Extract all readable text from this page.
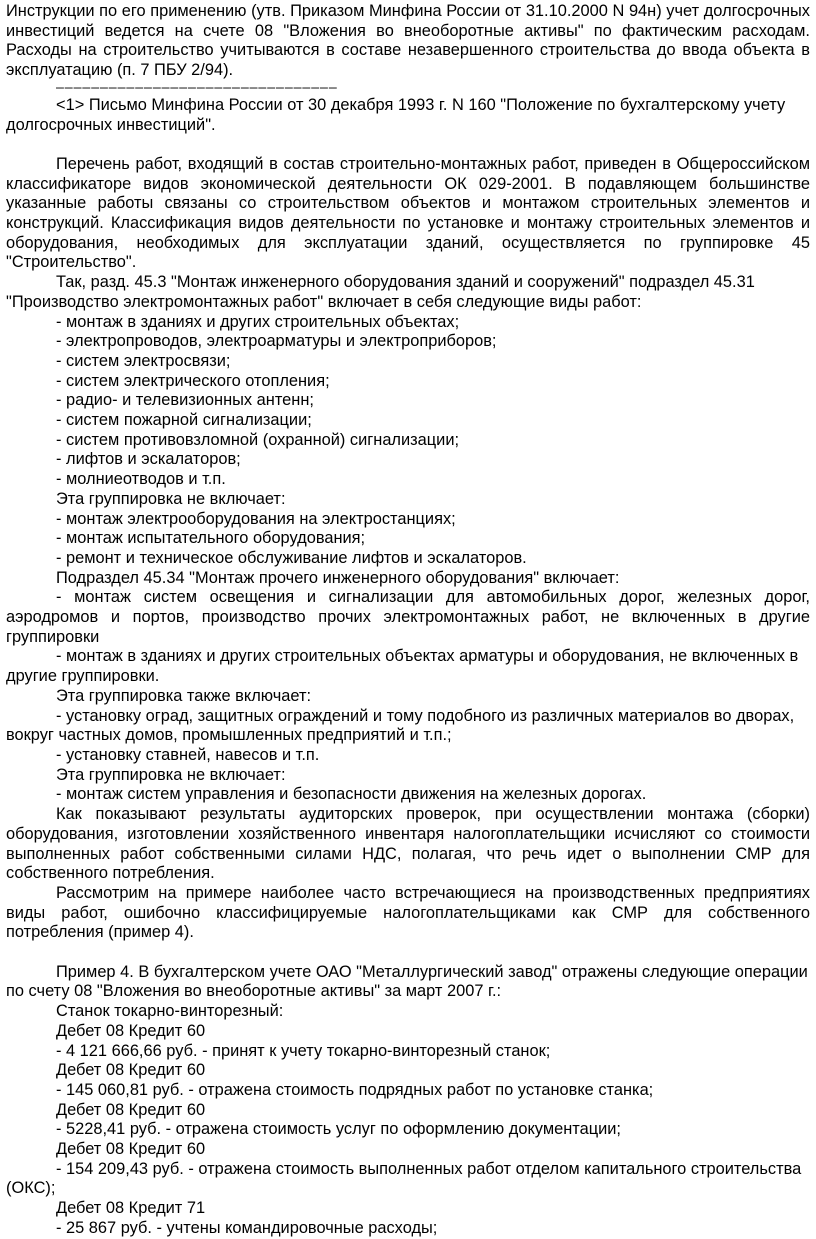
Инструкции по его применению (утв. Приказом Минфина России от 31.10.2000 N 94н) учет долгосрочных инвестиций ведется на счете 08 "Вложения во внеоборотные активы" по фактическим расходам. Расходы на строительство учитываются в составе незавершенного строительства до ввода объекта в эксплуатацию (п. 7 ПБУ 2/94).

────────────────────────────────

<1> Письмо Минфина России от 30 декабря 1993 г. N 160 "Положение по бухгалтерскому учету долгосрочных инвестиций".

Перечень работ, входящий в состав строительно-монтажных работ, приведен в Общероссийском классификаторе видов экономической деятельности ОК 029-2001. В подавляющем большинстве указанные работы связаны со строительством объектов и монтажом строительных элементов и конструкций. Классификация видов деятельности по установке и монтажу строительных элементов и оборудования, необходимых для эксплуатации зданий, осуществляется по группировке 45 "Строительство".

Так, разд. 45.3 "Монтаж инженерного оборудования зданий и сооружений" подраздел 45.31 "Производство электромонтажных работ" включает в себя следующие виды работ:

- монтаж в зданиях и других строительных объектах;

- электропроводов, электроарматуры и электроприборов;

- систем электросвязи;

- систем электрического отопления;

- радио- и телевизионных антенн;

- систем пожарной сигнализации;

- систем противовзломной (охранной) сигнализации;

- лифтов и эскалаторов;

- молниеотводов и т.п.

Эта группировка не включает:

- монтаж электрооборудования на электростанциях;

- монтаж испытательного оборудования;

- ремонт и техническое обслуживание лифтов и эскалаторов.

Подраздел 45.34 "Монтаж прочего инженерного оборудования" включает:

- монтаж систем освещения и сигнализации для автомобильных дорог, железных дорог, аэродромов и портов, производство прочих электромонтажных работ, не включенных в другие группировки

- монтаж в зданиях и других строительных объектах арматуры и оборудования, не включенных в другие группировки.

Эта группировка также включает:

- установку оград, защитных ограждений и тому подобного из различных материалов во дворах, вокруг частных домов, промышленных предприятий и т.п.;

- установку ставней, навесов и т.п.

Эта группировка не включает:

- монтаж систем управления и безопасности движения на железных дорогах.

Как показывают результаты аудиторских проверок, при осуществлении монтажа (сборки) оборудования, изготовлении хозяйственного инвентаря налогоплательщики исчисляют со стоимости выполненных работ собственными силами НДС, полагая, что речь идет о выполнении СМР для собственного потребления.

Рассмотрим на примере наиболее часто встречающиеся на производственных предприятиях виды работ, ошибочно классифицируемые налогоплательщиками как СМР для собственного потребления (пример 4).

Пример 4. В бухгалтерском учете ОАО "Металлургический завод" отражены следующие операции по счету 08 "Вложения во внеоборотные активы" за март 2007 г.:

Станок токарно-винторезный:

Дебет 08 Кредит 60

- 4 121 666,66 руб. - принят к учету токарно-винторезный станок;

Дебет 08 Кредит 60

- 145 060,81 руб. - отражена стоимость подрядных работ по установке станка;

Дебет 08 Кредит 60

- 5228,41 руб. - отражена стоимость услуг по оформлению документации;

Дебет 08 Кредит 60

- 154 209,43 руб. - отражена стоимость выполненных работ отделом капитального строительства (ОКС);

Дебет 08 Кредит 71

- 25 867 руб. - учтены командировочные расходы;
